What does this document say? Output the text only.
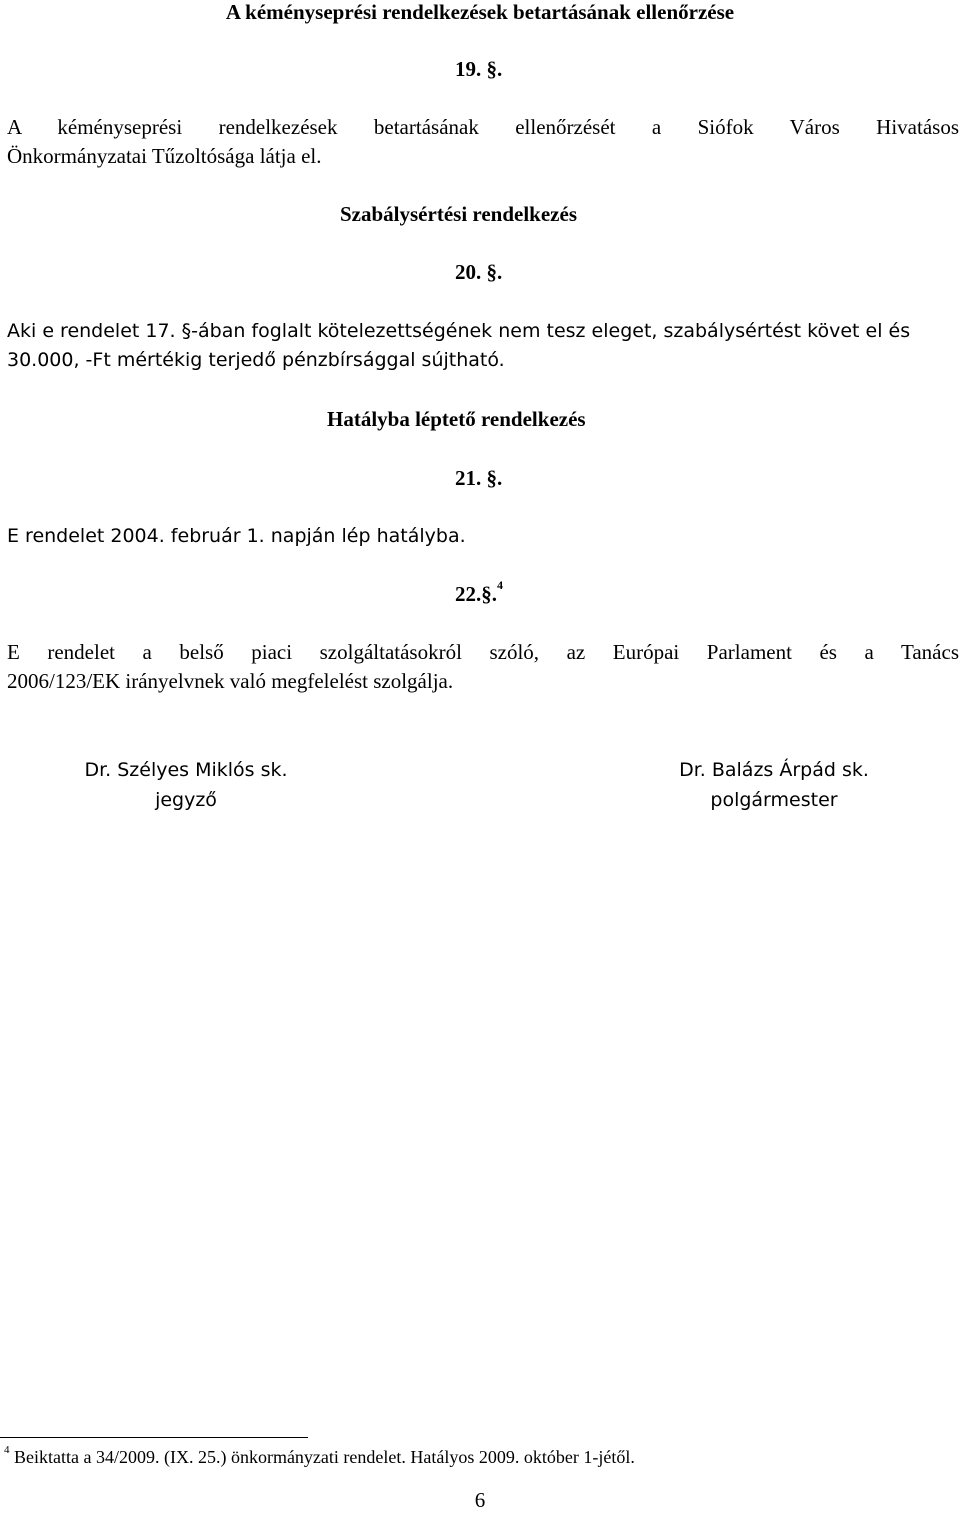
A kéményseprési rendelkezések betartásának ellenőrzése
19. §.
A kéményseprési rendelkezések betartásának ellenőrzését a Siófok Város Hivatásos
Önkormányzatai Tűzoltósága látja el.
Szabálysértési rendelkezés
20. §.
Aki e rendelet 17. §-ában foglalt kötelezettségének nem tesz eleget, szabálysértést követ el és
30.000, -Ft mértékig terjedő pénzbírsággal sújtható.
Hatályba léptető rendelkezés
21. §.
E rendelet 2004. február 1. napján lép hatályba.
22.§.$^4$
E rendelet a belső piaci szolgáltatásokról szóló, az Európai Parlament és a Tanács
2006/123/EK irányelvnek való megfelelést szolgálja.
Dr. Szélyes Miklós sk.
jegyző
Dr. Balázs Árpád sk.
polgármester
$^4$ Beiktatta a 34/2009. (IX. 25.) önkormányzati rendelet. Hatályos 2009. október 1-jétől.
6
